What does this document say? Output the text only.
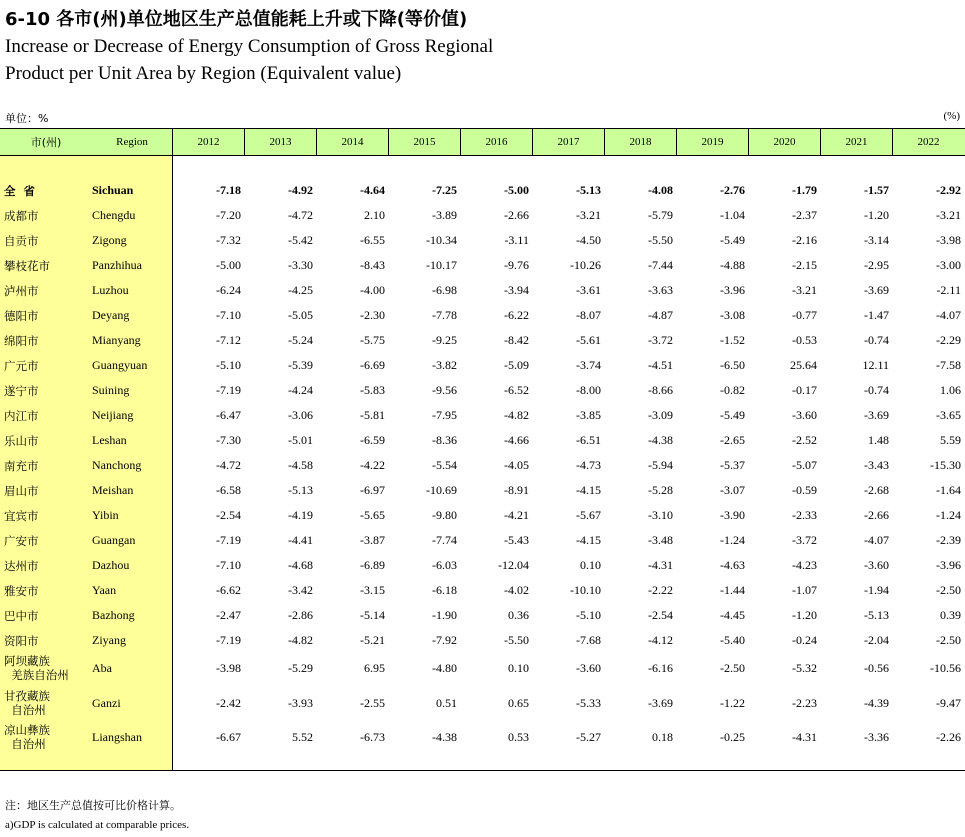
6-10 各市(州)单位地区生产总值能耗上升或下降(等价值)
Increase or Decrease of Energy Consumption of Gross Regional
Product per Unit Area by Region (Equivalent value)
单位：%	(%)
市(州)	Region	2012	2013	2014	2015	2016	2017	2018	2019	2020	2021	2022
全  省	Sichuan	-7.18	-4.92	-4.64	-7.25	-5.00	-5.13	-4.08	-2.76	-1.79	-1.57	-2.92
成都市	Chengdu	-7.20	-4.72	2.10	-3.89	-2.66	-3.21	-5.79	-1.04	-2.37	-1.20	-3.21
自贡市	Zigong	-7.32	-5.42	-6.55	-10.34	-3.11	-4.50	-5.50	-5.49	-2.16	-3.14	-3.98
攀枝花市	Panzhihua	-5.00	-3.30	-8.43	-10.17	-9.76	-10.26	-7.44	-4.88	-2.15	-2.95	-3.00
泸州市	Luzhou	-6.24	-4.25	-4.00	-6.98	-3.94	-3.61	-3.63	-3.96	-3.21	-3.69	-2.11
德阳市	Deyang	-7.10	-5.05	-2.30	-7.78	-6.22	-8.07	-4.87	-3.08	-0.77	-1.47	-4.07
绵阳市	Mianyang	-7.12	-5.24	-5.75	-9.25	-8.42	-5.61	-3.72	-1.52	-0.53	-0.74	-2.29
广元市	Guangyuan	-5.10	-5.39	-6.69	-3.82	-5.09	-3.74	-4.51	-6.50	25.64	12.11	-7.58
遂宁市	Suining	-7.19	-4.24	-5.83	-9.56	-6.52	-8.00	-8.66	-0.82	-0.17	-0.74	1.06
内江市	Neijiang	-6.47	-3.06	-5.81	-7.95	-4.82	-3.85	-3.09	-5.49	-3.60	-3.69	-3.65
乐山市	Leshan	-7.30	-5.01	-6.59	-8.36	-4.66	-6.51	-4.38	-2.65	-2.52	1.48	5.59
南充市	Nanchong	-4.72	-4.58	-4.22	-5.54	-4.05	-4.73	-5.94	-5.37	-5.07	-3.43	-15.30
眉山市	Meishan	-6.58	-5.13	-6.97	-10.69	-8.91	-4.15	-5.28	-3.07	-0.59	-2.68	-1.64
宜宾市	Yibin	-2.54	-4.19	-5.65	-9.80	-4.21	-5.67	-3.10	-3.90	-2.33	-2.66	-1.24
广安市	Guangan	-7.19	-4.41	-3.87	-7.74	-5.43	-4.15	-3.48	-1.24	-3.72	-4.07	-2.39
达州市	Dazhou	-7.10	-4.68	-6.89	-6.03	-12.04	0.10	-4.31	-4.63	-4.23	-3.60	-3.96
雅安市	Yaan	-6.62	-3.42	-3.15	-6.18	-4.02	-10.10	-2.22	-1.44	-1.07	-1.94	-2.50
巴中市	Bazhong	-2.47	-2.86	-5.14	-1.90	0.36	-5.10	-2.54	-4.45	-1.20	-5.13	0.39
资阳市	Ziyang	-7.19	-4.82	-5.21	-7.92	-5.50	-7.68	-4.12	-5.40	-0.24	-2.04	-2.50
阿坝藏族
羌族自治州
Aba	-3.98	-5.29	6.95	-4.80	0.10	-3.60	-6.16	-2.50	-5.32	-0.56	-10.56
甘孜藏族
自治州
Ganzi	-2.42	-3.93	-2.55	0.51	0.65	-5.33	-3.69	-1.22	-2.23	-4.39	-9.47
凉山彝族
自治州
Liangshan	-6.67	5.52	-6.73	-4.38	0.53	-5.27	0.18	-0.25	-4.31	-3.36	-2.26
注：地区生产总值按可比价格计算。
a)GDP is calculated at comparable prices.
